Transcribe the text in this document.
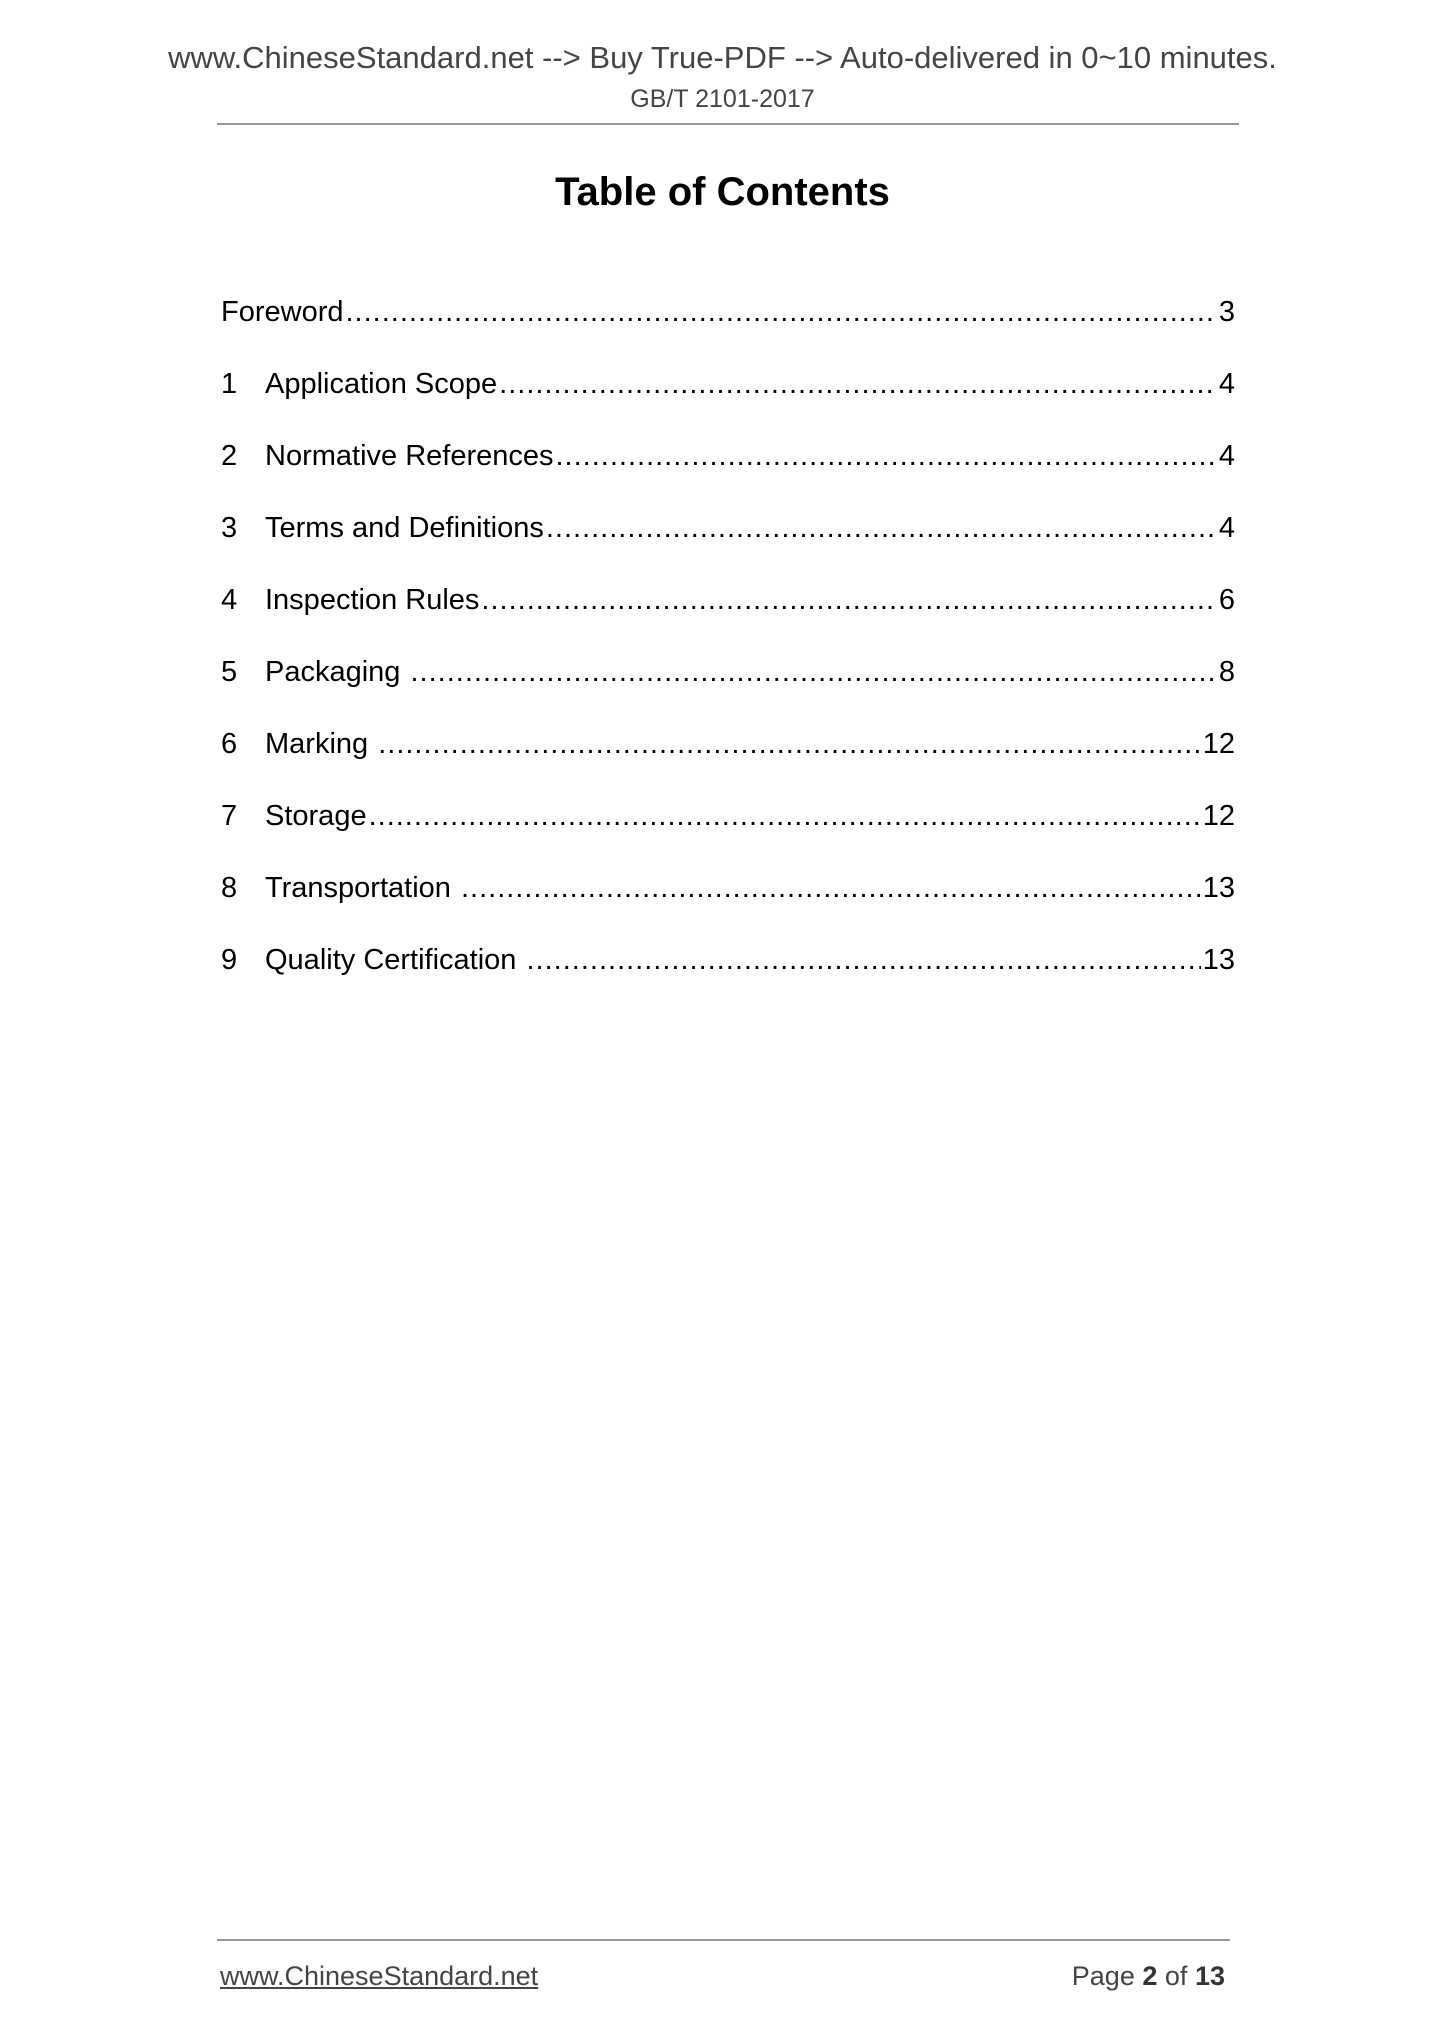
www.ChineseStandard.net --> Buy True-PDF --> Auto-delivered in 0~10 minutes.
GB/T 2101-2017
Table of Contents
Foreword .....	3
1 Application Scope .....	4
2 Normative References .....	4
3 Terms and Definitions .....	4
4 Inspection Rules .....	6
5 Packaging .....	8
6 Marking .....	12
7 Storage .....	12
8 Transportation .....	13
9 Quality Certification .....	13
www.ChineseStandard.net	Page 2 of 13
